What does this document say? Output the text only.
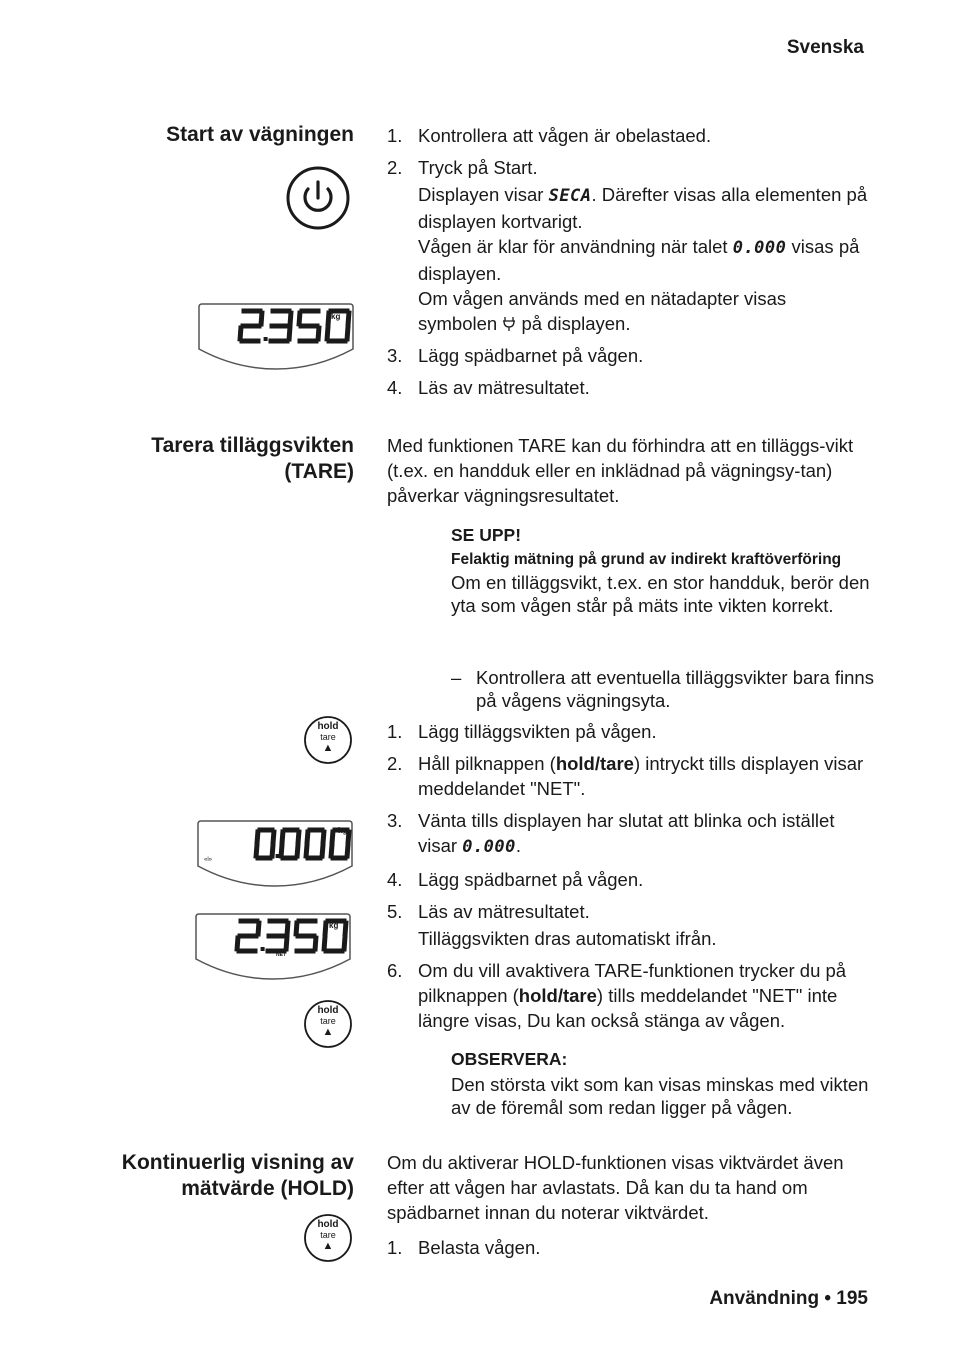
Svenska
Start av vägningen
kg
1. Kontrollera att vågen är obelastaed.
2. Tryck på Start.
Displayen visar SECA. Därefter visas alla elementen på displayen kortvarigt.
Vågen är klar för användning när talet 0.000 visas på displayen.
Om vågen används med en nätadapter visas symbolen  på displayen.
3. Lägg spädbarnet på vågen.
4. Läs av mätresultatet.
Tarera tilläggsvikten
(TARE)
Med funktionen TARE kan du förhindra att en tilläggs-vikt (t.ex. en handduk eller en inklädnad på vägningsy-tan) påverkar vägningsresultatet.
SE UPP!
Felaktig mätning på grund av indirekt kraftöverföring
Om en tilläggsvikt, t.ex. en stor handduk, berör den yta som vågen står på mäts inte vikten korrekt.
– Kontrollera att eventuella tilläggsvikter bara finns på vågens vägningsyta.
hold
tare
▲
1. Lägg tilläggsvikten på vågen.
2. Håll pilknappen (hold/tare) intryckt tills displayen visar meddelandet "NET".
kg
«Ɩ»
3. Vänta tills displayen har slutat att blinka och istället visar 0.000.
4. Lägg spädbarnet på vågen.
kg
NET
5. Läs av mätresultatet.
Tilläggsvikten dras automatiskt ifrån.
hold
tare
▲
6. Om du vill avaktivera TARE-funktionen trycker du på pilknappen (hold/tare) tills meddelandet "NET" inte längre visas, Du kan också stänga av vågen.
OBSERVERA:
Den största vikt som kan visas minskas med vikten av de föremål som redan ligger på vågen.
Kontinuerlig visning av
mätvärde (HOLD)
Om du aktiverar HOLD-funktionen visas viktvärdet även efter att vågen har avlastats. Då kan du ta hand om spädbarnet innan du noterar viktvärdet.
hold
tare
▲	1. Belasta vågen.
Användning • 195
